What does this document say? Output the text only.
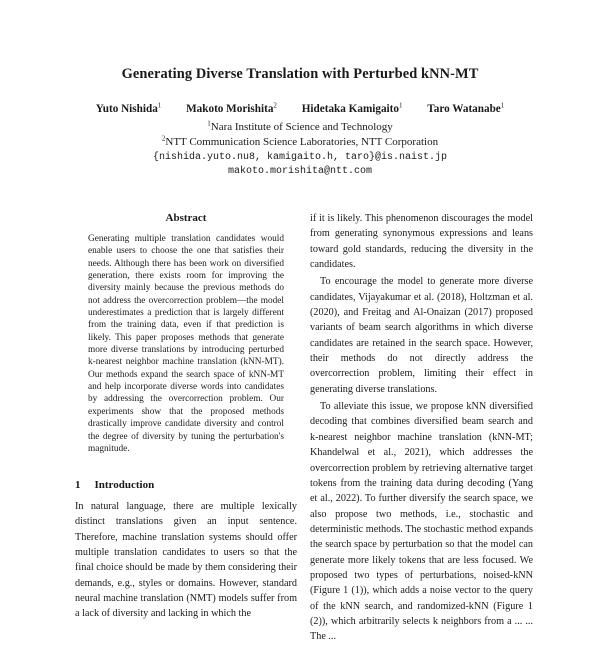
Generating Diverse Translation with Perturbed kNN-MT
Yuto Nishida$^1$ Makoto Morishita$^2$ Hidetaka Kamigaito$^1$ Taro Watanabe$^1$
$^1$Nara Institute of Science and Technology
$^2$NTT Communication Science Laboratories, NTT Corporation
{nishida.yuto.nu8, kamigaito.h, taro}@is.naist.jp
makoto.morishita@ntt.com
Abstract
Generating multiple translation candidates would enable users to choose the one that satisfies their needs. Although there has been work on diversified generation, there exists room for improving the diversity mainly because the previous methods do not address the overcorrection problem—the model underestimates a prediction that is largely different from the training data, even if that prediction is likely. This paper proposes methods that generate more diverse translations by introducing perturbed k-nearest neighbor machine translation (kNN-MT). Our methods expand the search space of kNN-MT and help incorporate diverse words into candidates by addressing the overcorrection problem. Our experiments show that the proposed methods drastically improve candidate diversity and control the degree of diversity by tuning the perturbation's magnitude.
1 Introduction

In natural language, there are multiple lexically distinct translations given an input sentence. Therefore, machine translation systems should offer multiple translation candidates to users so that the final choice should be made by them considering their demands, e.g., styles or domains. However, standard neural machine translation (NMT) models suffer from a lack of diversity and lacking in which the

if it is likely. This phenomenon discourages the model from generating synonymous expressions and leans toward gold standards, reducing the diversity in the candidates.

To encourage the model to generate more diverse candidates, Vijayakumar et al. (2018), Holtzman et al. (2020), and Freitag and Al-Onaizan (2017) proposed variants of beam search algorithms in which diverse candidates are retained in the search space. However, their methods do not directly address the overcorrection problem, limiting their effect in generating diverse translations.

To alleviate this issue, we propose kNN diversified decoding that combines diversified beam search and k-nearest neighbor machine translation (kNN-MT; Khandelwal et al., 2021), which addresses the overcorrection problem by retrieving alternative target tokens from the training data during decoding (Yang et al., 2022). To further diversify the search space, we also propose two methods, i.e., stochastic and deterministic methods. The stochastic method expands the search space by perturbation so that the model can generate more likely tokens that are less focused. We proposed two types of perturbations, noised-kNN (Figure 1 (1)), which adds a noise vector to the query of the kNN search, and randomized-kNN (Figure 1 (2)), which arbitrarily selects k neighbors from a ... ... The ...
